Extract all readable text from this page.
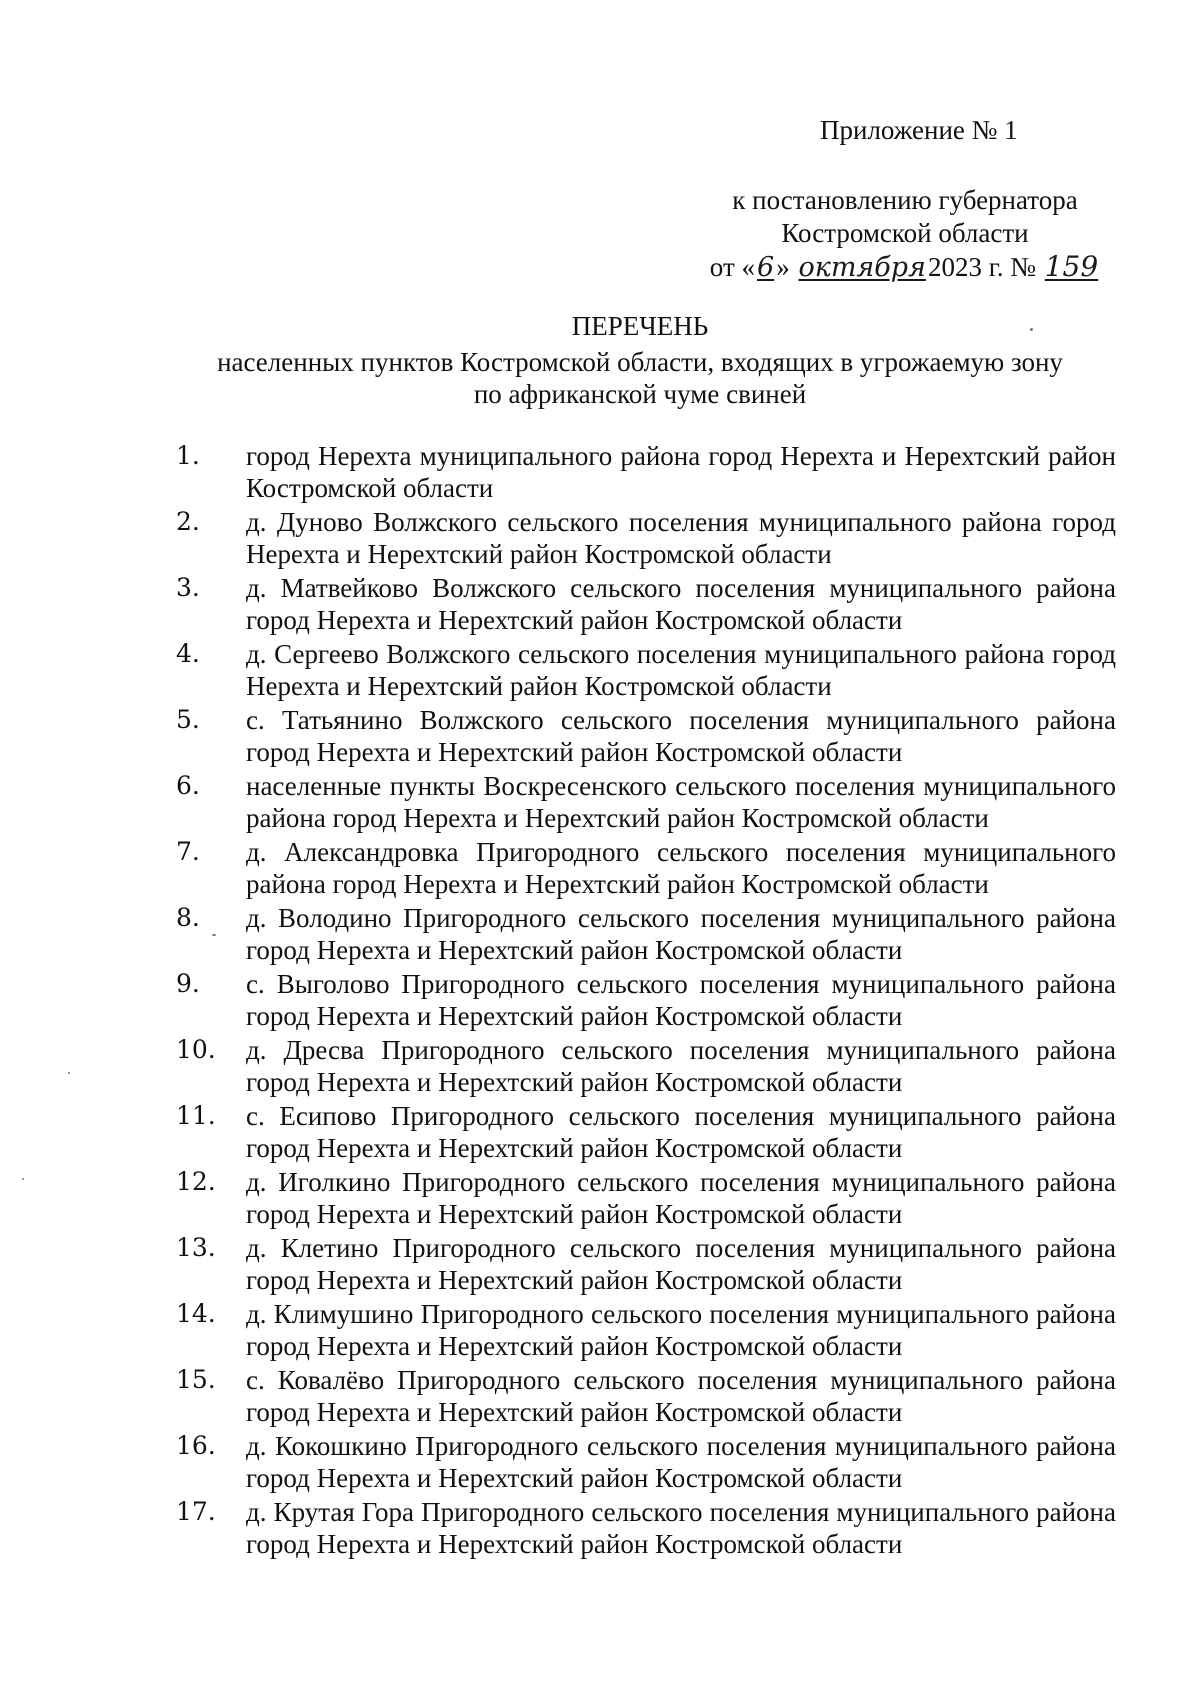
Приложение № 1
к постановлению губернатора
Костромской области
от «6» октября2023 г. № 159
ПЕРЕЧЕНЬ
населенных пунктов Костромской области, входящих в угрожаемую зону
по африканской чуме свиней
1.	город Нерехта муниципального района город Нерехта и Нерехтский район Костромской области
2.	д. Дуново Волжского сельского поселения муниципального района город Нерехта и Нерехтский район Костромской области
3.	д. Матвейково Волжского сельского поселения муниципального района город Нерехта и Нерехтский район Костромской области
4.	д. Сергеево Волжского сельского поселения муниципального района город Нерехта и Нерехтский район Костромской области
5.	с. Татьянино Волжского сельского поселения муниципального района город Нерехта и Нерехтский район Костромской области
6.	населенные пункты Воскресенского сельского поселения муниципального района город Нерехта и Нерехтский район Костромской области
7.	д. Александровка Пригородного сельского поселения муниципального района город Нерехта и Нерехтский район Костромской области
8.	д. Володино Пригородного сельского поселения муниципального района город Нерехта и Нерехтский район Костромской области
9.	с. Выголово Пригородного сельского поселения муниципального района город Нерехта и Нерехтский район Костромской области
10.	д. Дресва Пригородного сельского поселения муниципального района город Нерехта и Нерехтский район Костромской области
11.	с. Есипово Пригородного сельского поселения муниципального района город Нерехта и Нерехтский район Костромской области
12.	д. Иголкино Пригородного сельского поселения муниципального района город Нерехта и Нерехтский район Костромской области
13.	д. Клетино Пригородного сельского поселения муниципального района город Нерехта и Нерехтский район Костромской области
14.	д. Климушино Пригородного сельского поселения муниципального района город Нерехта и Нерехтский район Костромской области
15.	с. Ковалёво Пригородного сельского поселения муниципального района город Нерехта и Нерехтский район Костромской области
16.	д. Кокошкино Пригородного сельского поселения муниципального района город Нерехта и Нерехтский район Костромской области
17.	д. Крутая Гора Пригородного сельского поселения муниципального района город Нерехта и Нерехтский район Костромской области
